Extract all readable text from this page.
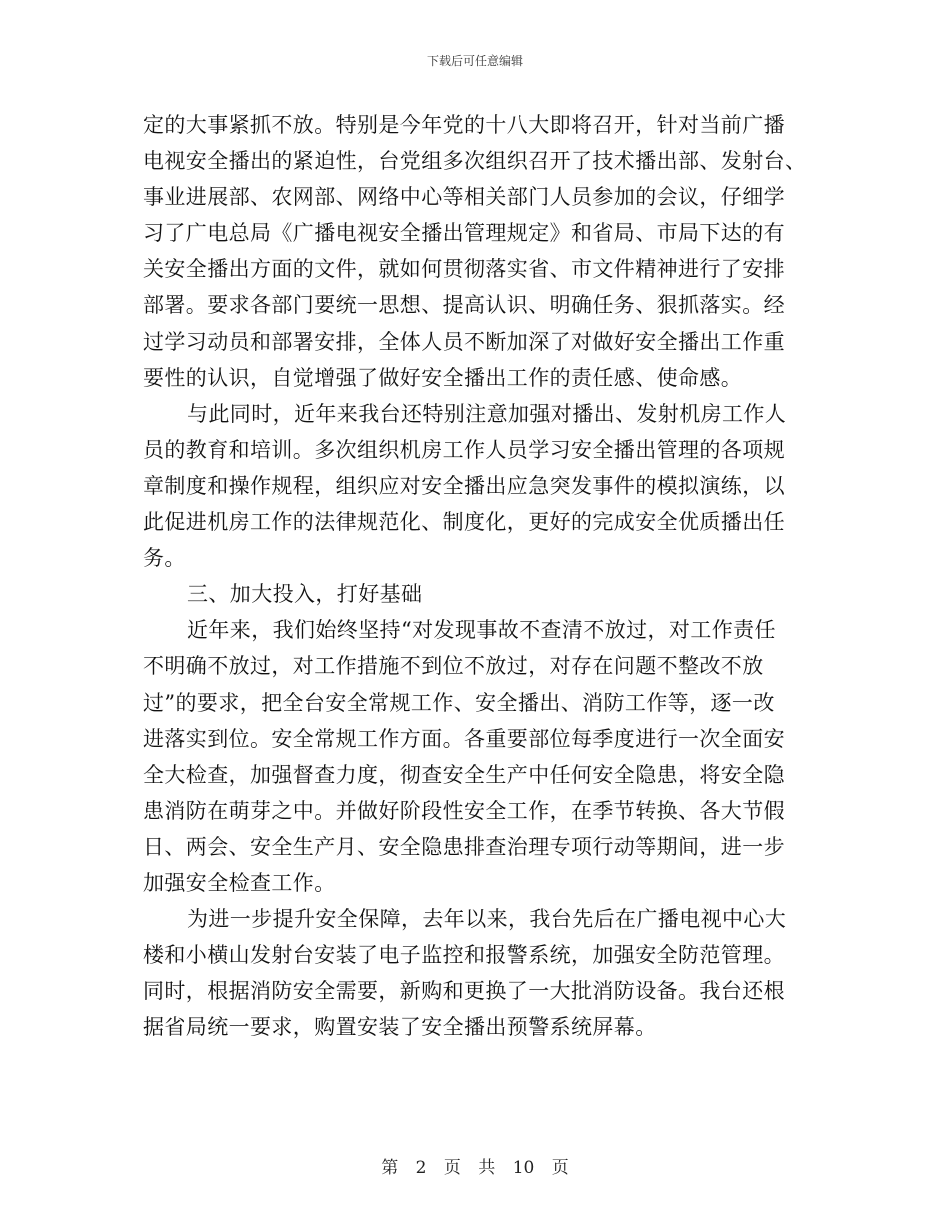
下载后可任意编辑
定的大事紧抓不放。特别是今年党的十八大即将召开，针对当前广播
电视安全播出的紧迫性，台党组多次组织召开了技术播出部、发射台、
事业进展部、农网部、网络中心等相关部门人员参加的会议，仔细学
习了广电总局《广播电视安全播出管理规定》和省局、市局下达的有
关安全播出方面的文件，就如何贯彻落实省、市文件精神进行了安排
部署。要求各部门要统一思想、提高认识、明确任务、狠抓落实。经
过学习动员和部署安排，全体人员不断加深了对做好安全播出工作重
要性的认识，自觉增强了做好安全播出工作的责任感、使命感。
与此同时，近年来我台还特别注意加强对播出、发射机房工作人
员的教育和培训。多次组织机房工作人员学习安全播出管理的各项规
章制度和操作规程，组织应对安全播出应急突发事件的模拟演练，以
此促进机房工作的法律规范化、制度化，更好的完成安全优质播出任
务。
三、加大投入，打好基础
近年来，我们始终坚持“对发现事故不查清不放过，对工作责任
不明确不放过，对工作措施不到位不放过，对存在问题不整改不放
过”的要求，把全台安全常规工作、安全播出、消防工作等，逐一改
进落实到位。安全常规工作方面。各重要部位每季度进行一次全面安
全大检查，加强督查力度，彻查安全生产中任何安全隐患，将安全隐
患消防在萌芽之中。并做好阶段性安全工作，在季节转换、各大节假
日、两会、安全生产月、安全隐患排查治理专项行动等期间，进一步
加强安全检查工作。
为进一步提升安全保障，去年以来，我台先后在广播电视中心大
楼和小横山发射台安装了电子监控和报警系统，加强安全防范管理。
同时，根据消防安全需要，新购和更换了一大批消防设备。我台还根
据省局统一要求，购置安装了安全播出预警系统屏幕。
第 2 页 共 10 页
